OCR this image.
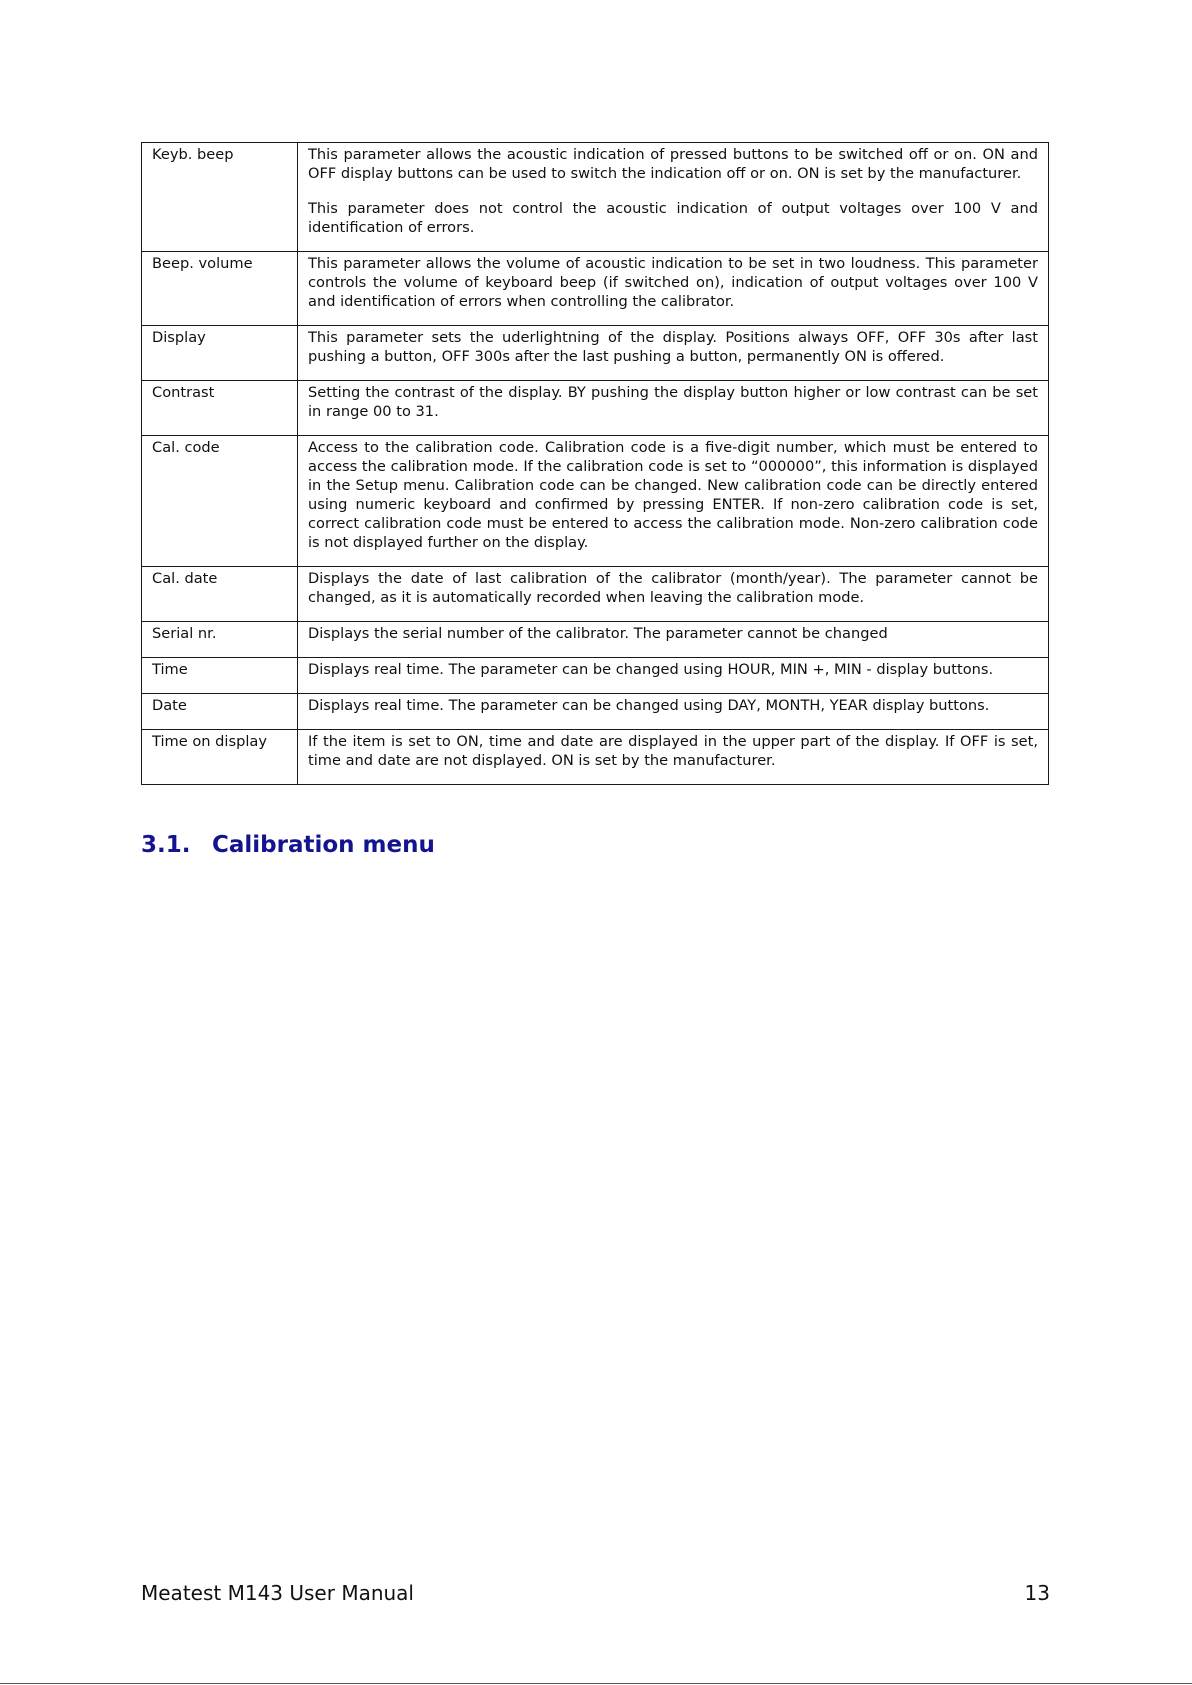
Keyb. beep	This parameter allows the acoustic indication of pressed buttons to be switched off or on. ON and OFF display buttons can be used to switch the indication off or on. ON is set by the manufacturer.

This parameter does not control the acoustic indication of output voltages over 100 V and identification of errors.

Beep. volume	This parameter allows the volume of acoustic indication to be set in two loudness. This parameter controls the volume of keyboard beep (if switched on), indication of output voltages over 100 V and identification of errors when controlling the calibrator.

Display	This parameter sets the uderlightning of the display. Positions always OFF, OFF 30s after last pushing a button, OFF 300s after the last pushing a button, permanently ON is offered.

Contrast	Setting the contrast of the display. BY pushing the display button higher or low contrast can be set in range 00 to 31.

Cal. code	Access to the calibration code. Calibration code is a five-digit number, which must be entered to access the calibration mode. If the calibration code is set to “000000”, this information is displayed in the Setup menu. Calibration code can be changed. New calibration code can be directly entered using numeric keyboard and confirmed by pressing ENTER. If non-zero calibration code is set, correct calibration code must be entered to access the calibration mode. Non-zero calibration code is not displayed further on the display.

Cal. date	Displays the date of last calibration of the calibrator (month/year). The parameter cannot be changed, as it is automatically recorded when leaving the calibration mode.

Serial nr.	Displays the serial number of the calibrator. The parameter cannot be changed

Time	Displays real time. The parameter can be changed using HOUR, MIN +, MIN - display buttons.

Date	Displays real time. The parameter can be changed using DAY, MONTH, YEAR display buttons.

Time on display	If the item is set to ON, time and date are displayed in the upper part of the display. If OFF is set, time and date are not displayed. ON is set by the manufacturer.

3.1. Calibration menu
Meatest M143 User Manual	13
